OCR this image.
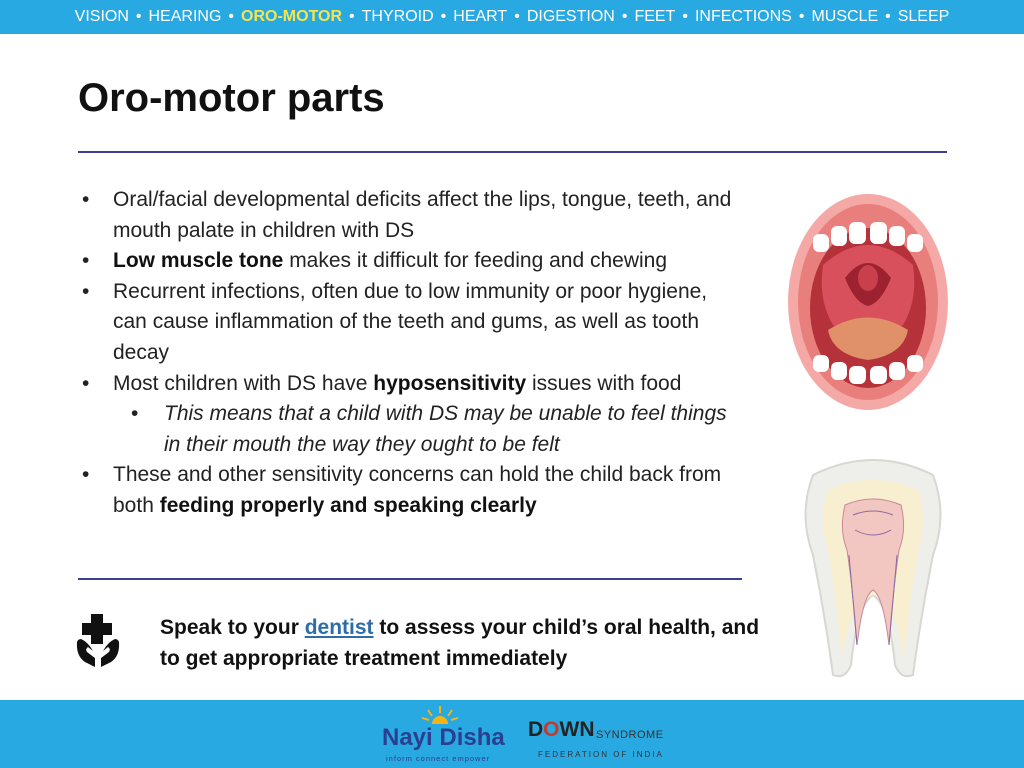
VISION • HEARING • ORO-MOTOR • THYROID • HEART • DIGESTION • FEET • INFECTIONS • MUSCLE • SLEEP
Oro-motor parts
• Oral/facial developmental deficits affect the lips, tongue, teeth, and mouth palate in children with DS
• Low muscle tone makes it difficult for feeding and chewing
• Recurrent infections, often due to low immunity or poor hygiene, can cause inflammation of the teeth and gums, as well as tooth decay
• Most children with DS have hyposensitivity issues with food
• This means that a child with DS may be unable to feel things in their mouth the way they ought to be felt
• These and other sensitivity concerns can hold the child back from both feeding properly and speaking clearly
Speak to your dentist to assess your child’s oral health, and to get appropriate treatment immediately
Nayi Disha
inform connect empower
DOWN SYNDROME
FEDERATION OF INDIA
